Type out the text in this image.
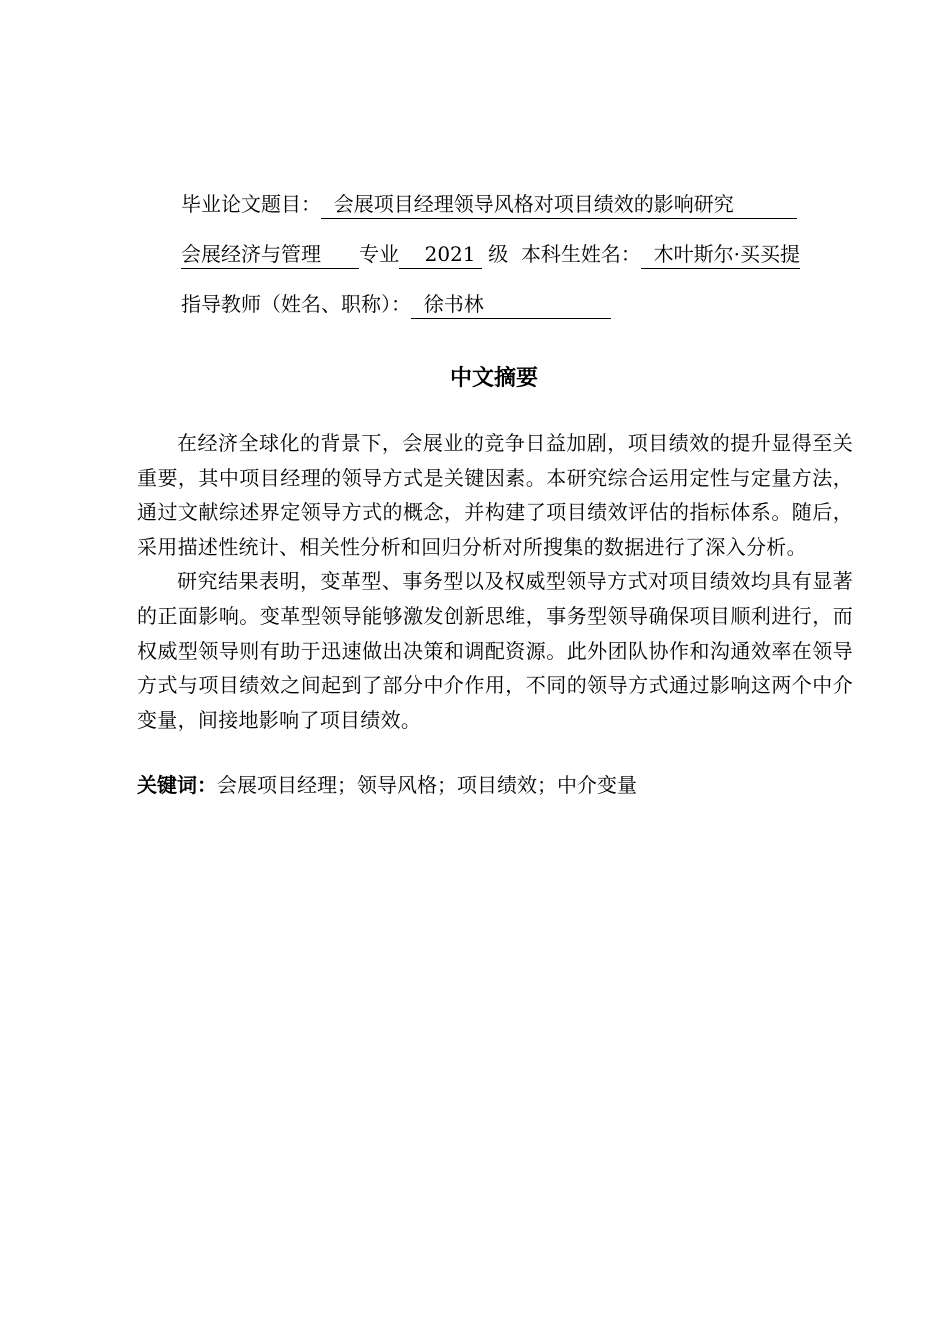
毕业论文题目： 会展项目经理领导风格对项目绩效的影响研究
会展经济与管理 专业 2021 级 本科生姓名： 木叶斯尔·买买提
指导教师（姓名、职称）： 徐书林
中文摘要

在经济全球化的背景下，会展业的竞争日益加剧，项目绩效的提升显得至关重要，其中项目经理的领导方式是关键因素。本研究综合运用定性与定量方法，通过文献综述界定领导方式的概念，并构建了项目绩效评估的指标体系。随后，采用描述性统计、相关性分析和回归分析对所搜集的数据进行了深入分析。

研究结果表明，变革型、事务型以及权威型领导方式对项目绩效均具有显著的正面影响。变革型领导能够激发创新思维，事务型领导确保项目顺利进行，而权威型领导则有助于迅速做出决策和调配资源。此外团队协作和沟通效率在领导方式与项目绩效之间起到了部分中介作用，不同的领导方式通过影响这两个中介变量，间接地影响了项目绩效。

关键词：会展项目经理；领导风格；项目绩效；中介变量
